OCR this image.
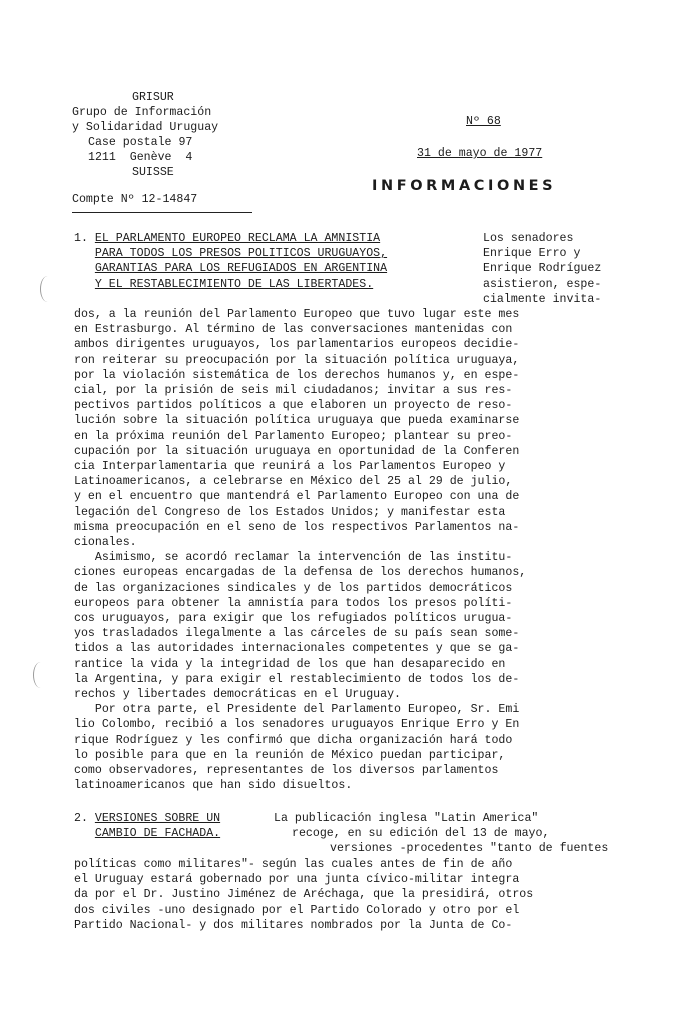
GRISUR
Grupo de Información
y Solidaridad Uruguay
Case postale 97
1211  Genève  4
SUISSE
Compte Nº 12-14847
Nº 68
31 de mayo de 1977
INFORMACIONES
1. EL PARLAMENTO EUROPEO RECLAMA LA AMNISTIA
PARA TODOS LOS PRESOS POLITICOS URUGUAYOS,
GARANTIAS PARA LOS REFUGIADOS EN ARGENTINA
Y EL RESTABLECIMIENTO DE LAS LIBERTADES.
Los senadores
Enrique Erro y
Enrique Rodríguez
asistieron, espe-
cialmente invita-
dos, a la reunión del Parlamento Europeo que tuvo lugar este mes
en Estrasburgo. Al término de las conversaciones mantenidas con
ambos dirigentes uruguayos, los parlamentarios europeos decidie-
ron reiterar su preocupación por la situación política uruguaya,
por la violación sistemática de los derechos humanos y, en espe-
cial, por la prisión de seis mil ciudadanos; invitar a sus res-
pectivos partidos políticos a que elaboren un proyecto de reso-
lución sobre la situación política uruguaya que pueda examinarse
en la próxima reunión del Parlamento Europeo; plantear su preo-
cupación por la situación uruguaya en oportunidad de la Conferen
cia Interparlamentaria que reunirá a los Parlamentos Europeo y
Latinoamericanos, a celebrarse en México del 25 al 29 de julio,
y en el encuentro que mantendrá el Parlamento Europeo con una de
legación del Congreso de los Estados Unidos; y manifestar esta
misma preocupación en el seno de los respectivos Parlamentos na-
cionales.
Asimismo, se acordó reclamar la intervención de las institu-
ciones europeas encargadas de la defensa de los derechos humanos,
de las organizaciones sindicales y de los partidos democráticos
europeos para obtener la amnistía para todos los presos políti-
cos uruguayos, para exigir que los refugiados políticos urugua-
yos trasladados ilegalmente a las cárceles de su país sean some-
tidos a las autoridades internacionales competentes y que se ga-
rantice la vida y la integridad de los que han desaparecido en
la Argentina, y para exigir el restablecimiento de todos los de-
rechos y libertades democráticas en el Uruguay.
Por otra parte, el Presidente del Parlamento Europeo, Sr. Emi
lio Colombo, recibió a los senadores uruguayos Enrique Erro y En
rique Rodríguez y les confirmó que dicha organización hará todo
lo posible para que en la reunión de México puedan participar,
como observadores, representantes de los diversos parlamentos
latinoamericanos que han sido disueltos.
2. VERSIONES SOBRE UN
CAMBIO DE FACHADA.
La publicación inglesa "Latin America"
recoge, en su edición del 13 de mayo,
versiones -procedentes "tanto de fuentes
políticas como militares"- según las cuales antes de fin de año
el Uruguay estará gobernado por una junta cívico-militar integra
da por el Dr. Justino Jiménez de Aréchaga, que la presidirá, otros
dos civiles -uno designado por el Partido Colorado y otro por el
Partido Nacional- y dos militares nombrados por la Junta de Co-
